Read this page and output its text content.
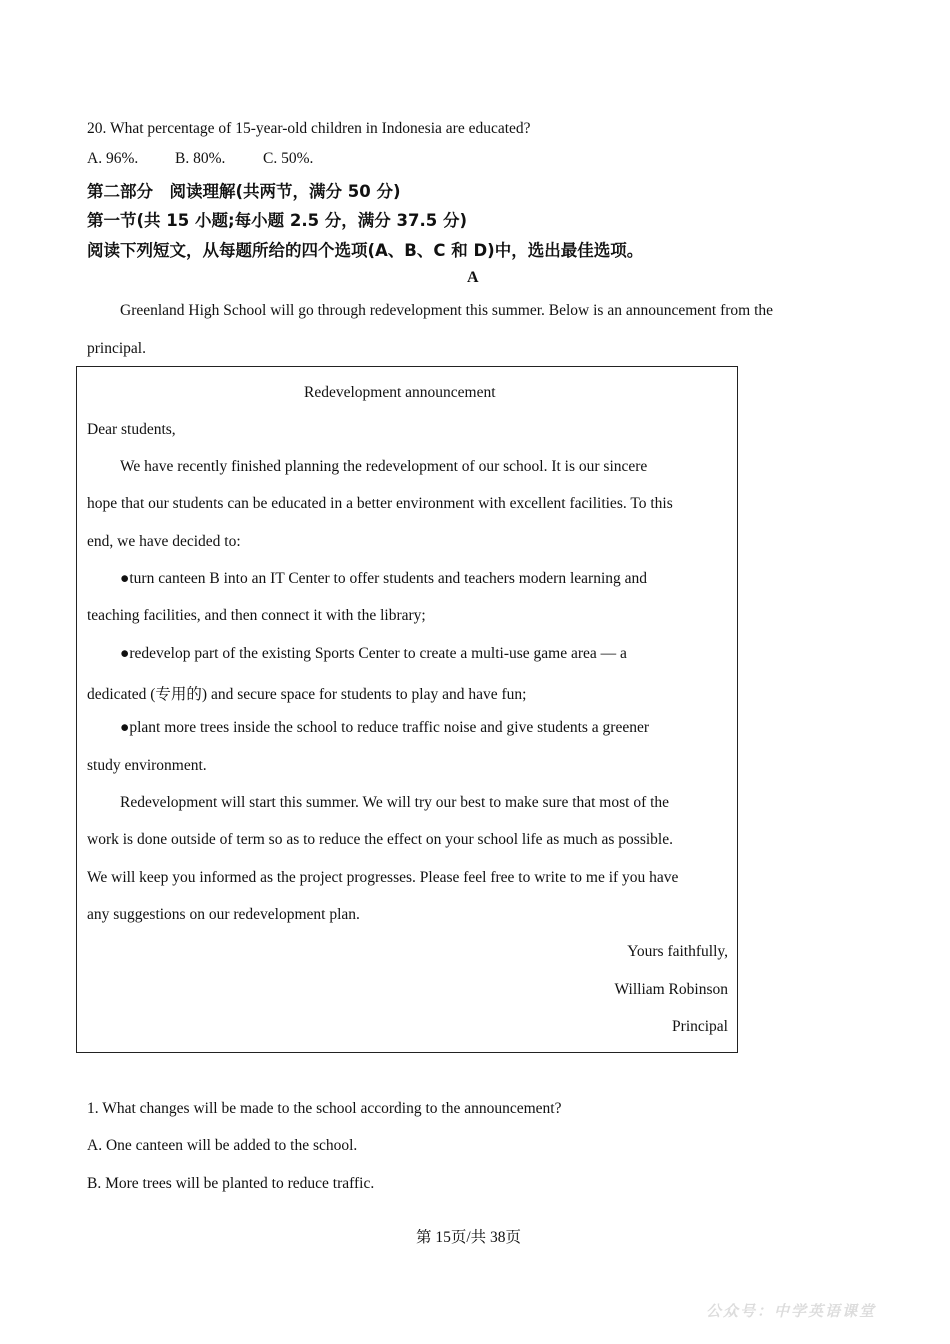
20. What percentage of 15-year-old children in Indonesia are educated?
A. 96%. B. 80%. C. 50%.
第二部分　阅读理解(共两节，满分 50 分)
第一节(共 15 小题;每小题 2.5 分，满分 37.5 分)
阅读下列短文，从每题所给的四个选项(A、B、C 和 D)中，选出最佳选项。
A
Greenland High School will go through redevelopment this summer. Below is an announcement from the
principal.
Redevelopment announcement
Dear students,
We have recently finished planning the redevelopment of our school. It is our sincere
hope that our students can be educated in a better environment with excellent facilities. To this
end, we have decided to:
●turn canteen B into an IT Center to offer students and teachers modern learning and
teaching facilities, and then connect it with the library;
●redevelop part of the existing Sports Center to create a multi-use game area — a
dedicated (专用的) and secure space for students to play and have fun;
●plant more trees inside the school to reduce traffic noise and give students a greener
study environment.
Redevelopment will start this summer. We will try our best to make sure that most of the
work is done outside of term so as to reduce the effect on your school life as much as possible.
We will keep you informed as the project progresses. Please feel free to write to me if you have
any suggestions on our redevelopment plan.
Yours faithfully,
William Robinson
Principal
1. What changes will be made to the school according to the announcement?
A. One canteen will be added to the school.
B. More trees will be planted to reduce traffic.
第 15页/共 38页
公众号：中学英语课堂
